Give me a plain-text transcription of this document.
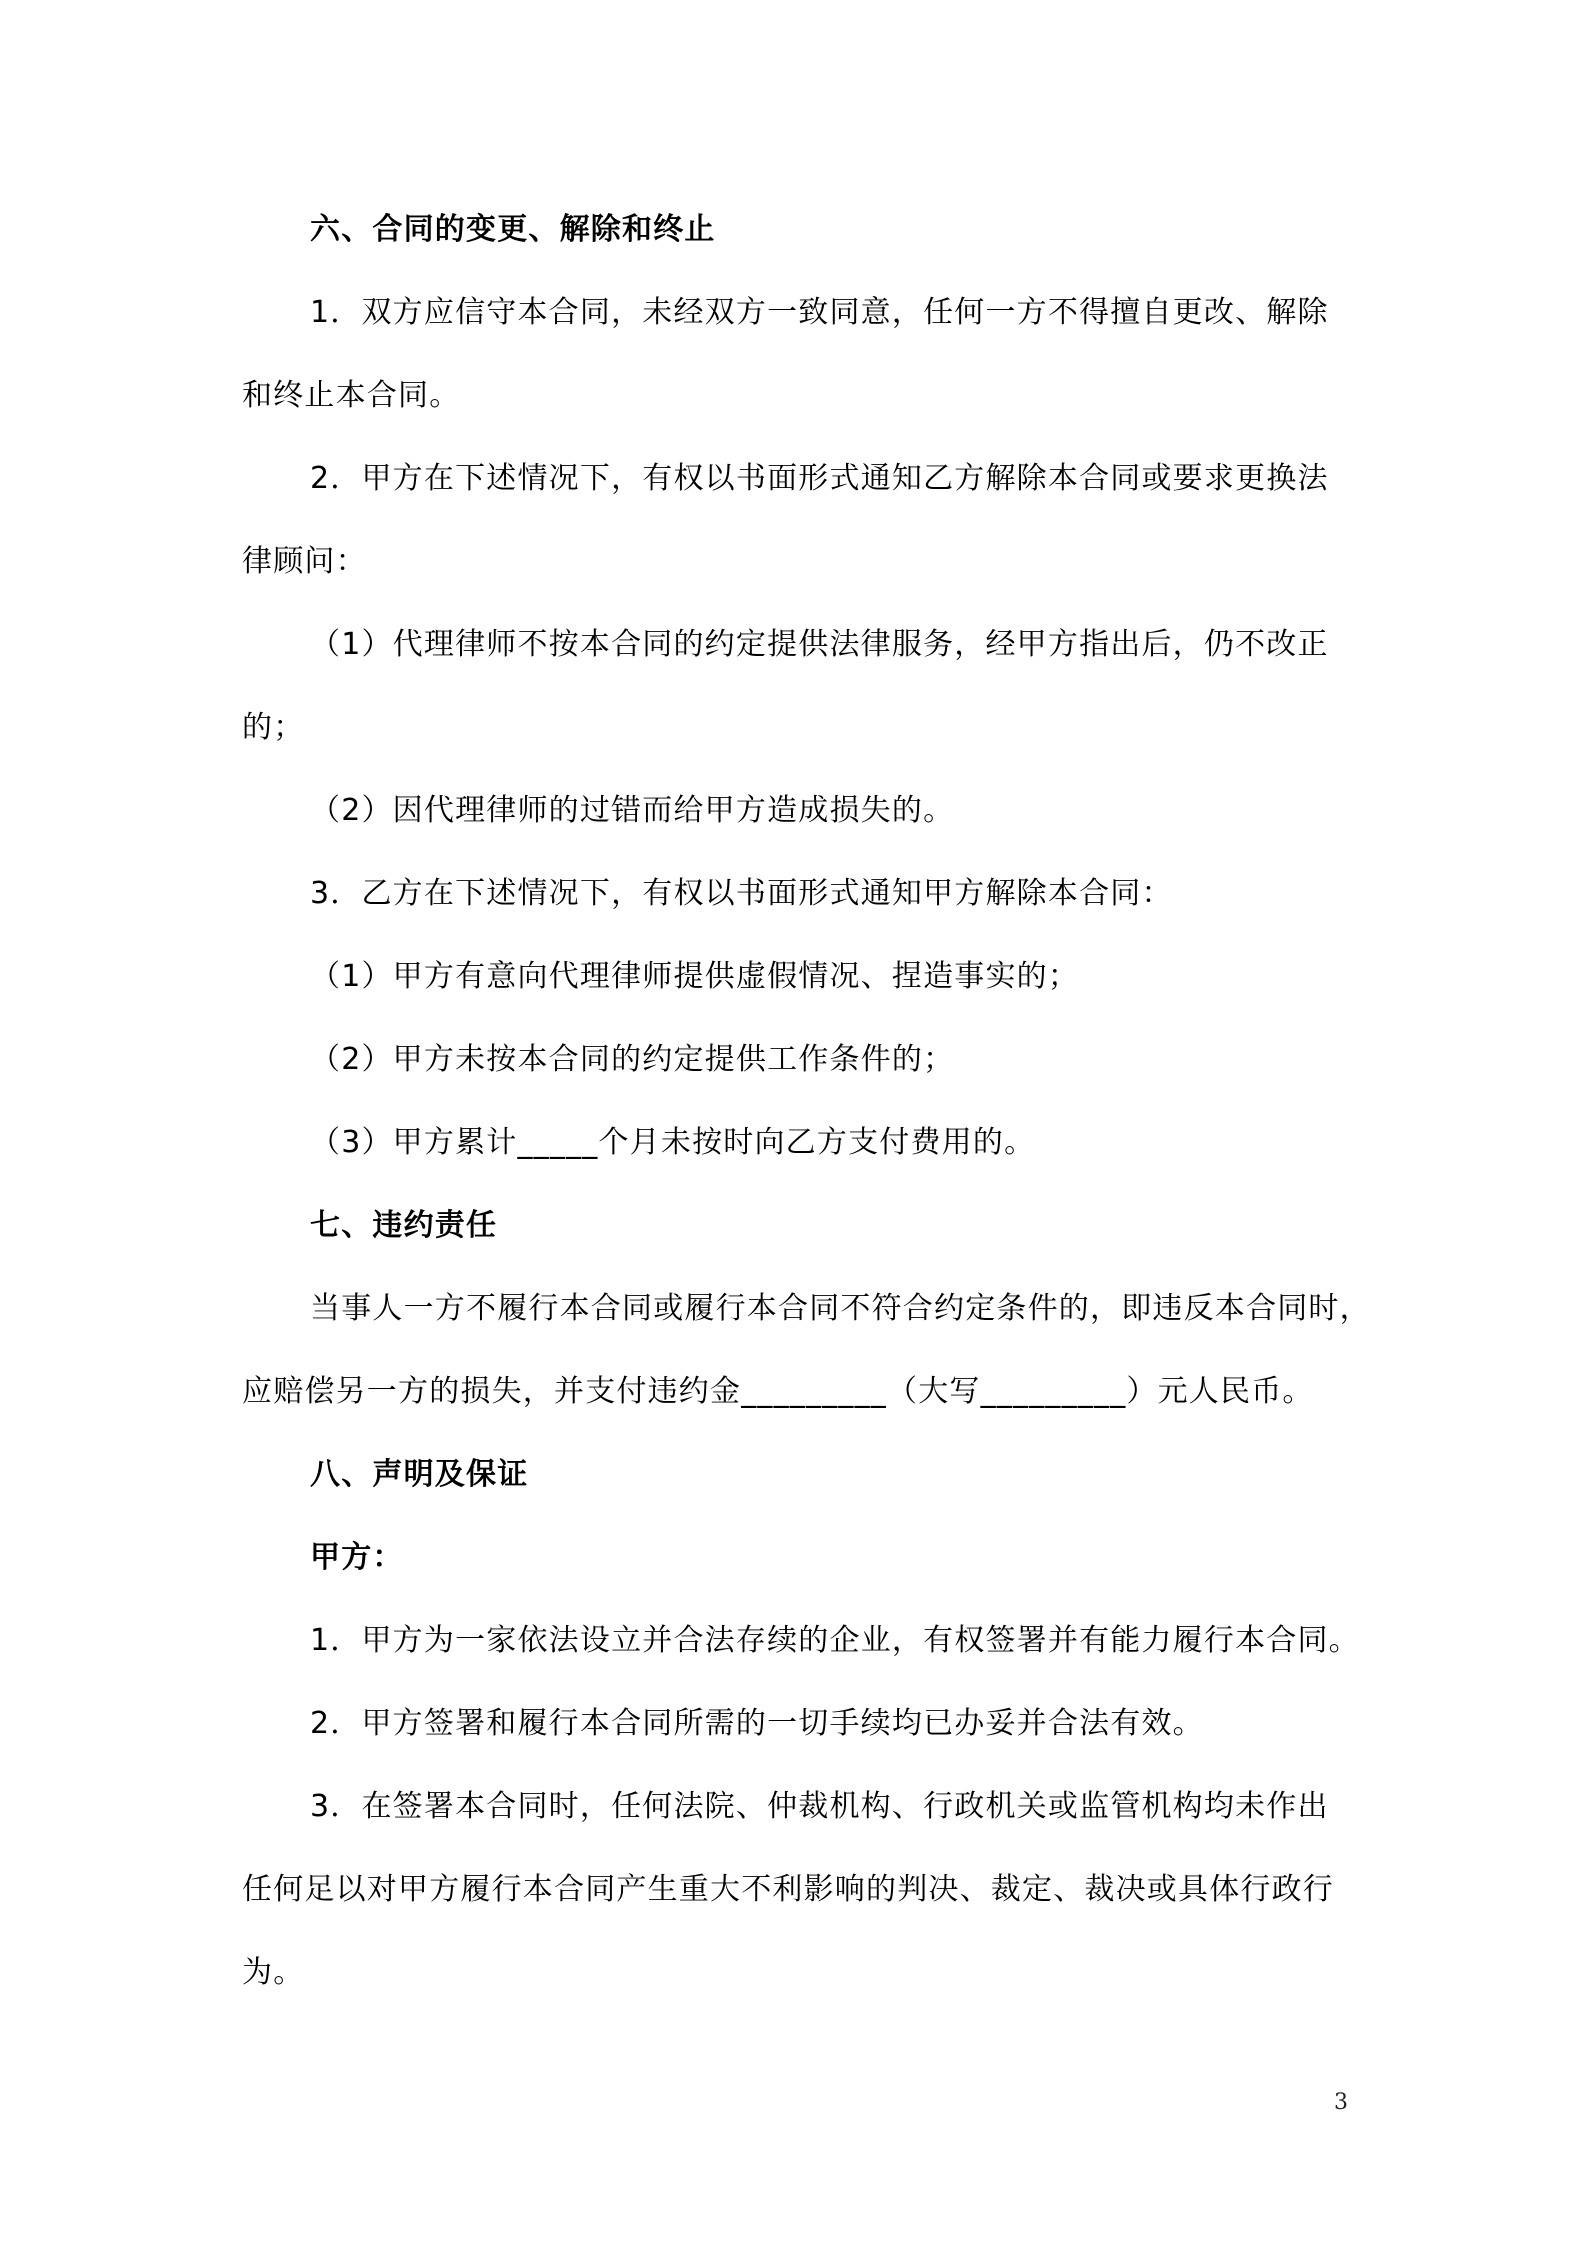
六、合同的变更、解除和终止
1．双方应信守本合同，未经双方一致同意，任何一方不得擅自更改、解除
和终止本合同。
2．甲方在下述情况下，有权以书面形式通知乙方解除本合同或要求更换法
律顾问：
（1）代理律师不按本合同的约定提供法律服务，经甲方指出后，仍不改正
的；
（2）因代理律师的过错而给甲方造成损失的。
3．乙方在下述情况下，有权以书面形式通知甲方解除本合同：
（1）甲方有意向代理律师提供虚假情况、捏造事实的；
（2）甲方未按本合同的约定提供工作条件的；
（3）甲方累计_____个月未按时向乙方支付费用的。
七、违约责任
当事人一方不履行本合同或履行本合同不符合约定条件的，即违反本合同时，
应赔偿另一方的损失，并支付违约金_________（大写_________）元人民币。
八、声明及保证
甲方：
1．甲方为一家依法设立并合法存续的企业，有权签署并有能力履行本合同。
2．甲方签署和履行本合同所需的一切手续均已办妥并合法有效。
3．在签署本合同时，任何法院、仲裁机构、行政机关或监管机构均未作出
任何足以对甲方履行本合同产生重大不利影响的判决、裁定、裁决或具体行政行
为。
3
